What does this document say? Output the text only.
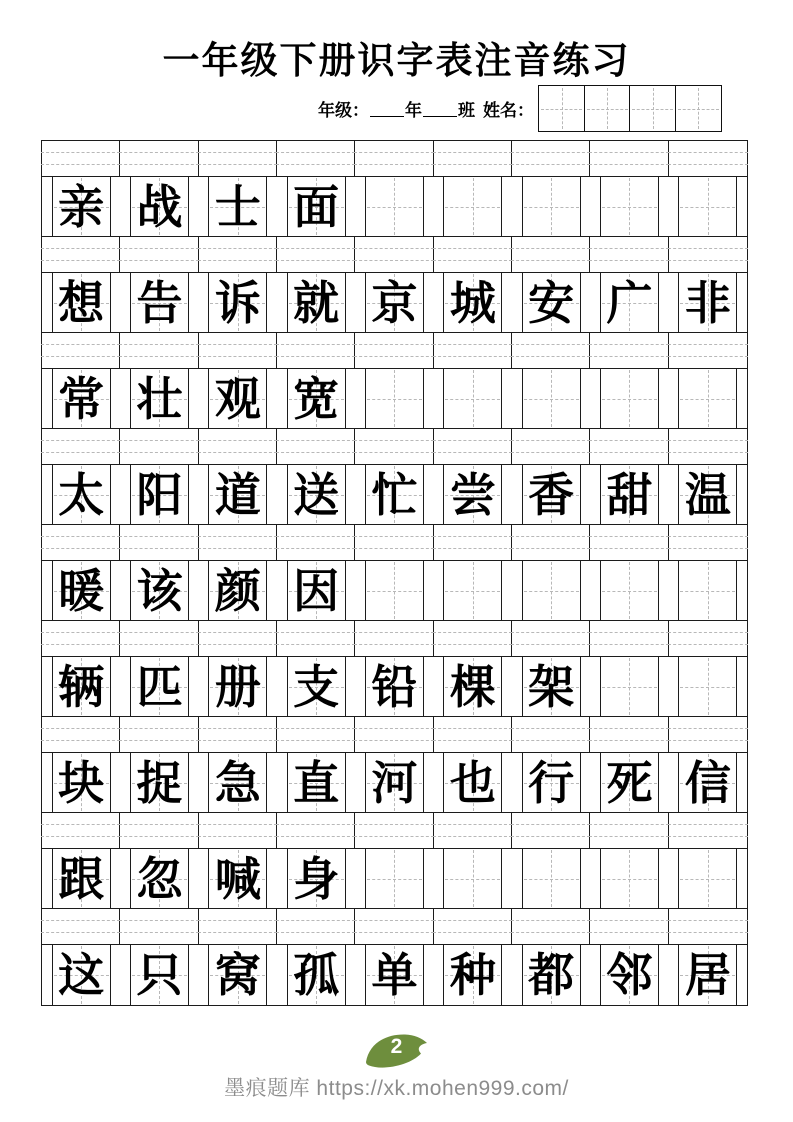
一年级下册识字表注音练习
年级： 年 班 姓名：
亲 战 士 面
想 告 诉 就 京 城 安 广 非
常 壮 观 宽
太 阳 道 送 忙 尝 香 甜 温
暖 该 颜 因
辆 匹 册 支 铅 棵 架
块 捉 急 直 河 也 行 死 信
跟 忽 喊 身
这 只 窝 孤 单 种 都 邻 居
2
墨痕题库 https://xk.mohen999.com/
